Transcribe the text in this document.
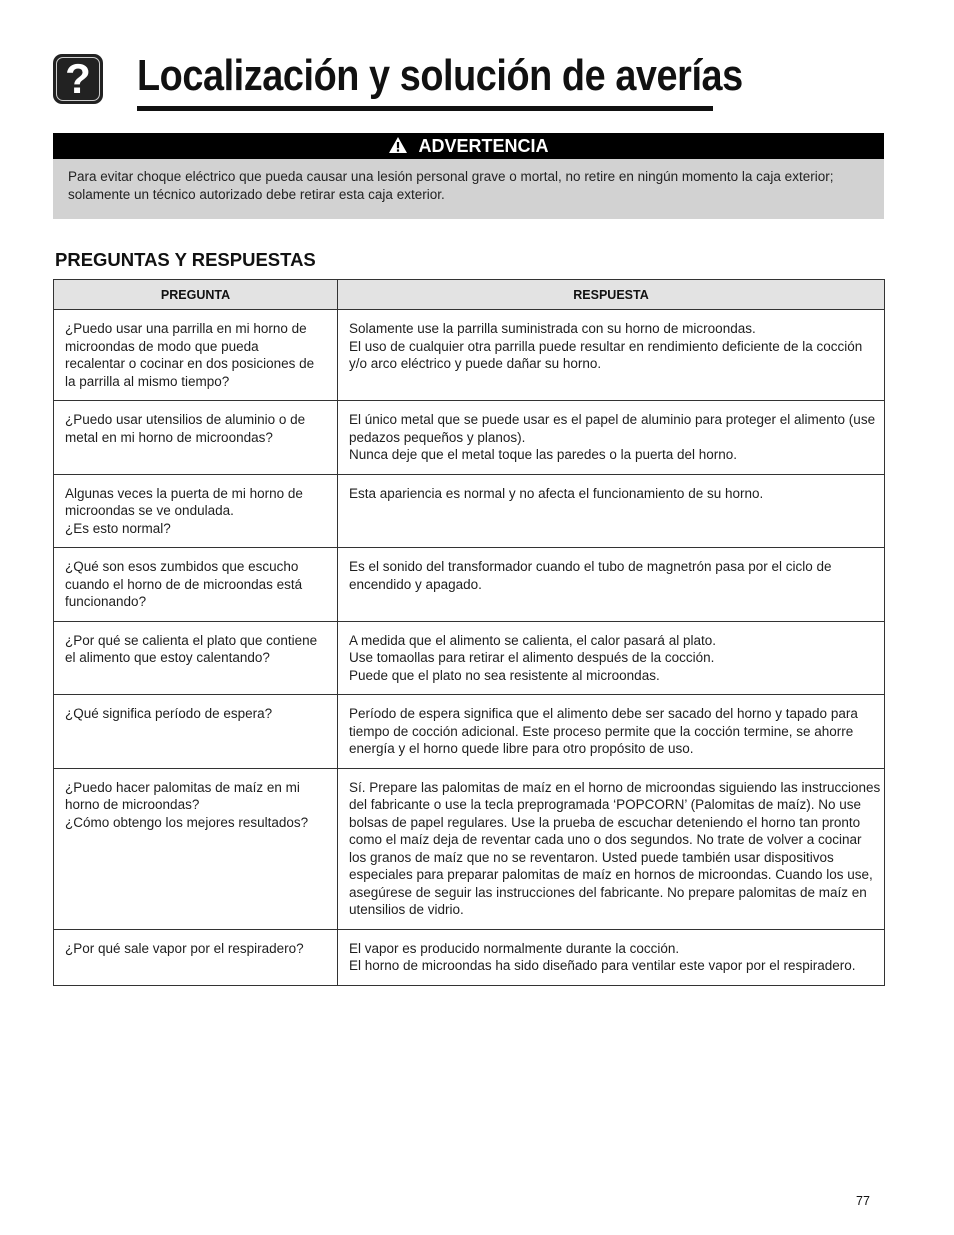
? Localización y solución de averías
ADVERTENCIA

Para evitar choque eléctrico que pueda causar una lesión personal grave o mortal, no retire en ningún momento la caja exterior; solamente un técnico autorizado debe retirar esta caja exterior.

PREGUNTAS Y RESPUESTAS
PREGUNTA	RESPUESTA

¿Puedo usar una parrilla en mi horno de microondas de modo que pueda recalentar o cocinar en dos posiciones de la parrilla al mismo tiempo?	Solamente use la parrilla suministrada con su horno de microondas.
El uso de cualquier otra parrilla puede resultar en rendimiento deficiente de la cocción y/o arco eléctrico y puede dañar su horno.

¿Puedo usar utensilios de aluminio o de metal en mi horno de microondas?	El único metal que se puede usar es el papel de aluminio para proteger el alimento (use pedazos pequeños y planos).
Nunca deje que el metal toque las paredes o la puerta del horno.

Algunas veces la puerta de mi horno de microondas se ve ondulada.
¿Es esto normal?	Esta apariencia es normal y no afecta el funcionamiento de su horno.

¿Qué son esos zumbidos que escucho cuando el horno de de microondas está funcionando?	Es el sonido del transformador cuando el tubo de magnetrón pasa por el ciclo de encendido y apagado.

¿Por qué se calienta el plato que contiene el alimento que estoy calentando?	A medida que el alimento se calienta, el calor pasará al plato.
Use tomaollas para retirar el alimento después de la cocción.
Puede que el plato no sea resistente al microondas.

¿Qué significa período de espera?	Período de espera significa que el alimento debe ser sacado del horno y tapado para tiempo de cocción adicional. Este proceso permite que la cocción termine, se ahorre energía y el horno quede libre para otro propósito de uso.

¿Puedo hacer palomitas de maíz en mi horno de microondas?
¿Cómo obtengo los mejores resultados?	Sí. Prepare las palomitas de maíz en el horno de microondas siguiendo las instrucciones del fabricante o use la tecla preprogramada ‘POPCORN’ (Palomitas de maíz). No use bolsas de papel regulares. Use la prueba de escuchar deteniendo el horno tan pronto como el maíz deja de reventar cada uno o dos segundos. No trate de volver a cocinar los granos de maíz que no se reventaron. Usted puede también usar dispositivos especiales para preparar palomitas de maíz en hornos de microondas. Cuando los use, asegúrese de seguir las instrucciones del fabricante. No prepare palomitas de maíz en utensilios de vidrio.

¿Por qué sale vapor por el respiradero?	El vapor es producido normalmente durante la cocción.
El horno de microondas ha sido diseñado para ventilar este vapor por el respiradero.
77
